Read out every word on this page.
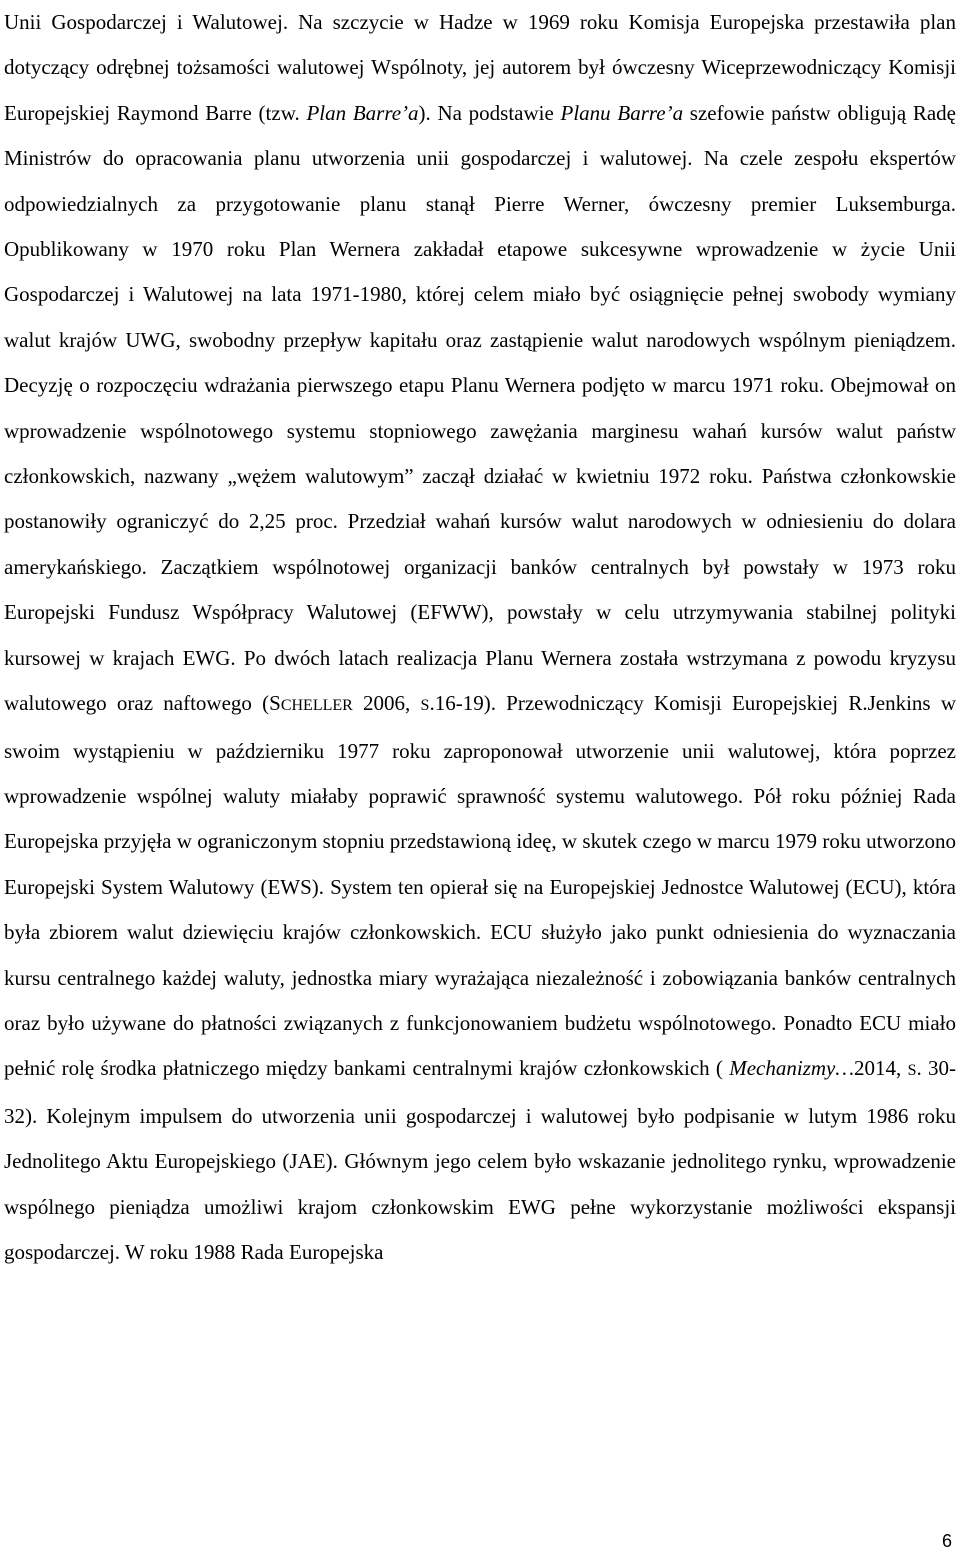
Unii Gospodarczej i Walutowej. Na szczycie w Hadze w 1969 roku Komisja Europejska przestawiła plan dotyczący odrębnej tożsamości walutowej Wspólnoty, jej autorem był ówczesny Wiceprzewodniczący Komisji Europejskiej Raymond Barre (tzw. Plan Barre’a). Na podstawie Planu Barre’a szefowie państw obligują Radę Ministrów do opracowania planu utworzenia unii gospodarczej i walutowej. Na czele zespołu ekspertów odpowiedzialnych za przygotowanie planu stanął Pierre Werner, ówczesny premier Luksemburga. Opublikowany w 1970 roku Plan Wernera zakładał etapowe sukcesywne wprowadzenie w życie Unii Gospodarczej i Walutowej na lata 1971-1980, której celem miało być osiągnięcie pełnej swobody wymiany walut krajów UWG, swobodny przepływ kapitału oraz zastąpienie walut narodowych wspólnym pieniądzem. Decyzję o rozpoczęciu wdrażania pierwszego etapu Planu Wernera podjęto w marcu 1971 roku. Obejmował on wprowadzenie wspólnotowego systemu stopniowego zawężania marginesu wahań kursów walut państw członkowskich, nazwany „wężem walutowym” zaczął działać w kwietniu 1972 roku. Państwa członkowskie postanowiły ograniczyć do 2,25 proc. Przedział wahań kursów walut narodowych w odniesieniu do dolara amerykańskiego. Zaczątkiem wspólnotowej organizacji banków centralnych był powstały w 1973 roku Europejski Fundusz Współpracy Walutowej (EFWW), powstały w celu utrzymywania stabilnej polityki kursowej w krajach EWG. Po dwóch latach realizacja Planu Wernera została wstrzymana z powodu kryzysu walutowego oraz naftowego (SCHELLER 2006, S.16-19). Przewodniczący Komisji Europejskiej R.Jenkins w swoim wystąpieniu w październiku 1977 roku zaproponował utworzenie unii walutowej, która poprzez wprowadzenie wspólnej waluty miałaby poprawić sprawność systemu walutowego. Pół roku później Rada Europejska przyjęła w ograniczonym stopniu przedstawioną ideę, w skutek czego w marcu 1979 roku utworzono Europejski System Walutowy (EWS). System ten opierał się na Europejskiej Jednostce Walutowej (ECU), która była zbiorem walut dziewięciu krajów członkowskich. ECU służyło jako punkt odniesienia do wyznaczania kursu centralnego każdej waluty, jednostka miary wyrażająca niezależność i zobowiązania banków centralnych oraz było używane do płatności związanych z funkcjonowaniem budżetu wspólnotowego. Ponadto ECU miało pełnić rolę środka płatniczego między bankami centralnymi krajów członkowskich ( Mechanizmy…2014, S. 30-32). Kolejnym impulsem do utworzenia unii gospodarczej i walutowej było podpisanie w lutym 1986 roku Jednolitego Aktu Europejskiego (JAE). Głównym jego celem było wskazanie jednolitego rynku, wprowadzenie wspólnego pieniądza umożliwi krajom członkowskim EWG pełne wykorzystanie możliwości ekspansji gospodarczej. W roku 1988 Rada Europejska

6
